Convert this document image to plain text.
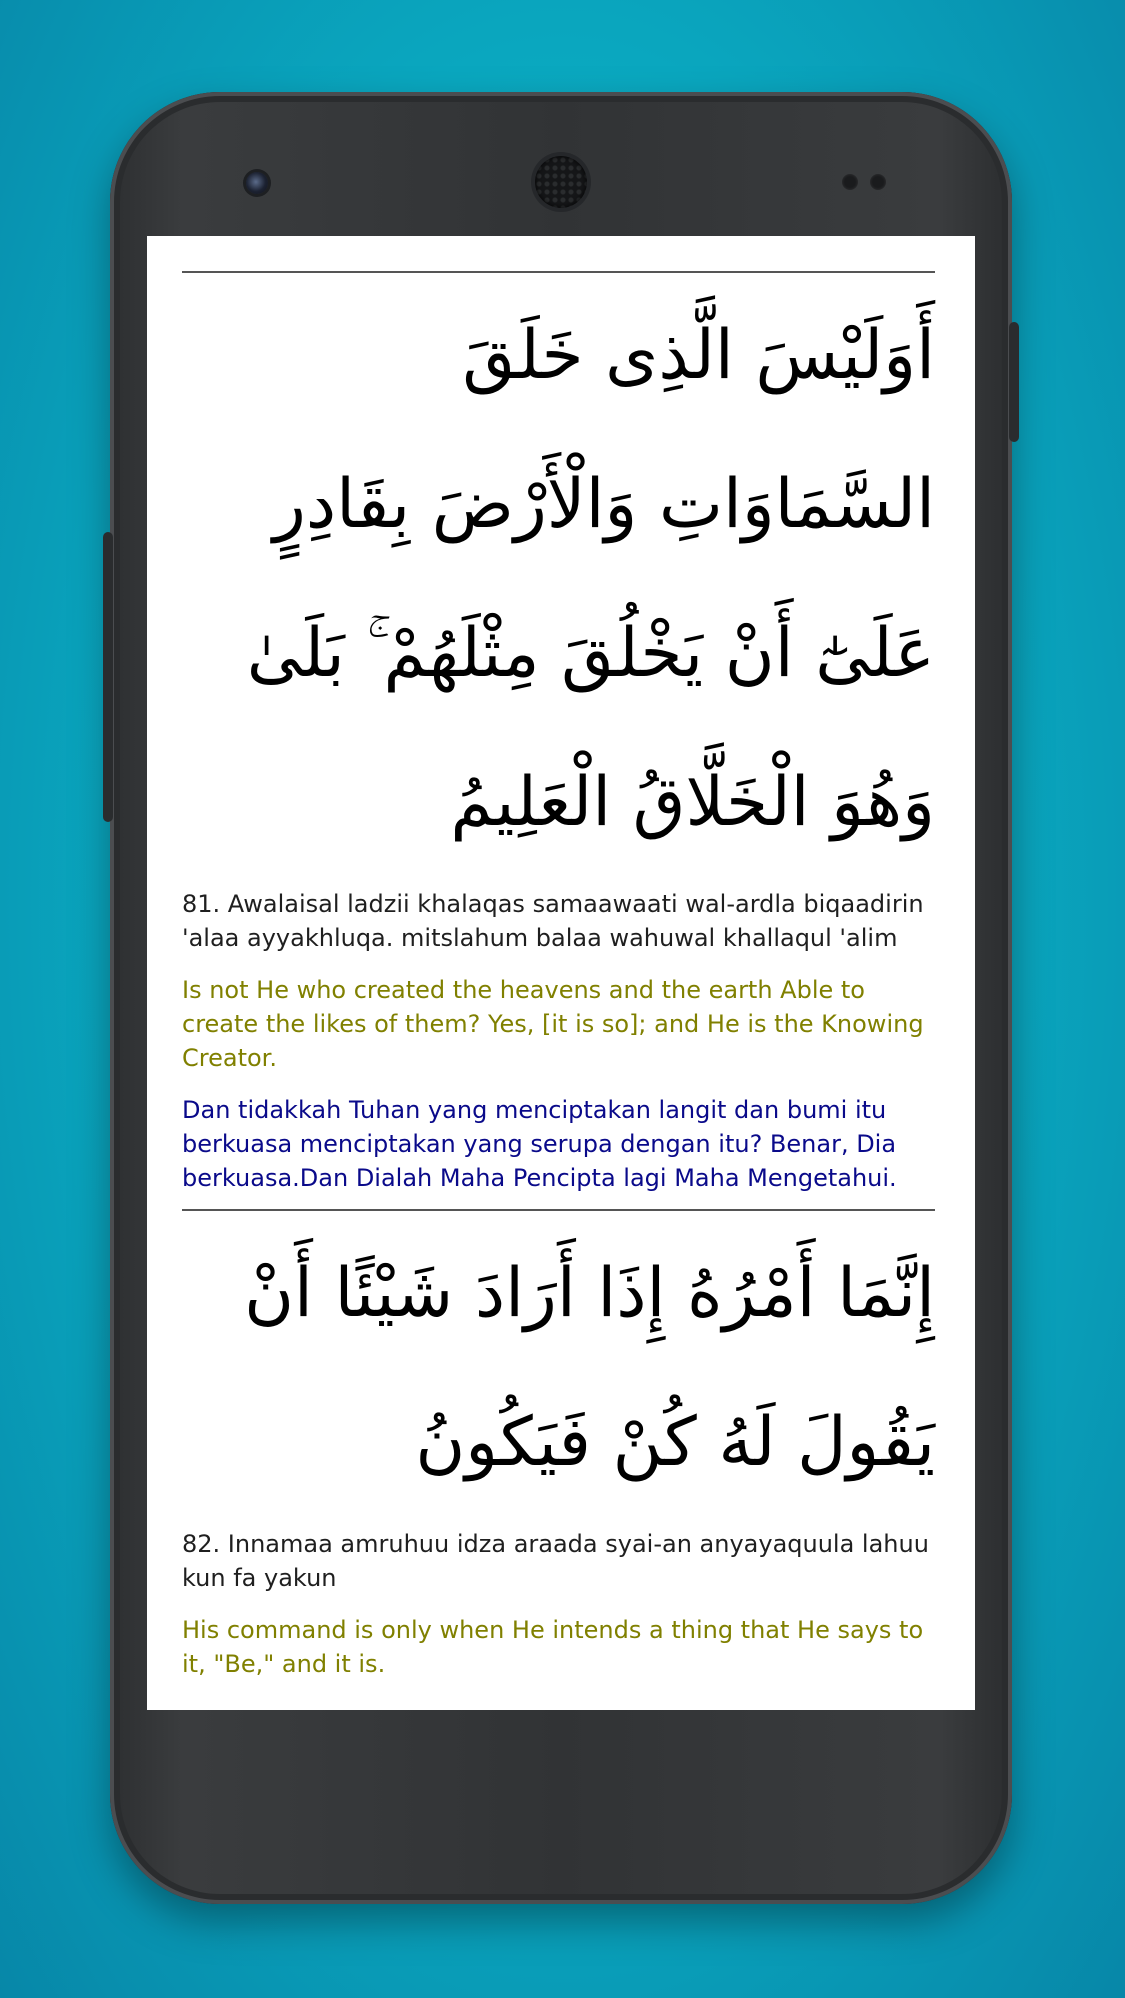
أَوَلَيْسَ الَّذِى خَلَقَ السَّمَاوَاتِ وَالْأَرْضَ بِقَادِرٍ عَلَىٰٓ أَنْ يَخْلُقَ مِثْلَهُمْ ۚ بَلَىٰ وَهُوَ الْخَلَّاقُ الْعَلِيمُ

81. Awalaisal ladzii khalaqas samaawaati wal-ardla biqaadirin 'alaa ayyakhluqa. mitslahum balaa wahuwal khallaqul 'alim

Is not He who created the heavens and the earth Able to create the likes of them? Yes, [it is so]; and He is the Knowing Creator.

Dan tidakkah Tuhan yang menciptakan langit dan bumi itu berkuasa menciptakan yang serupa dengan itu? Benar, Dia berkuasa.Dan Dialah Maha Pencipta lagi Maha Mengetahui.

إِنَّمَا أَمْرُهُ إِذَا أَرَادَ شَيْئًا أَنْ يَقُولَ لَهُ كُنْ فَيَكُونُ

82. Innamaa amruhuu idza araada syai-an anyayaquula lahuu kun fa yakun

His command is only when He intends a thing that He says to it, "Be," and it is.
